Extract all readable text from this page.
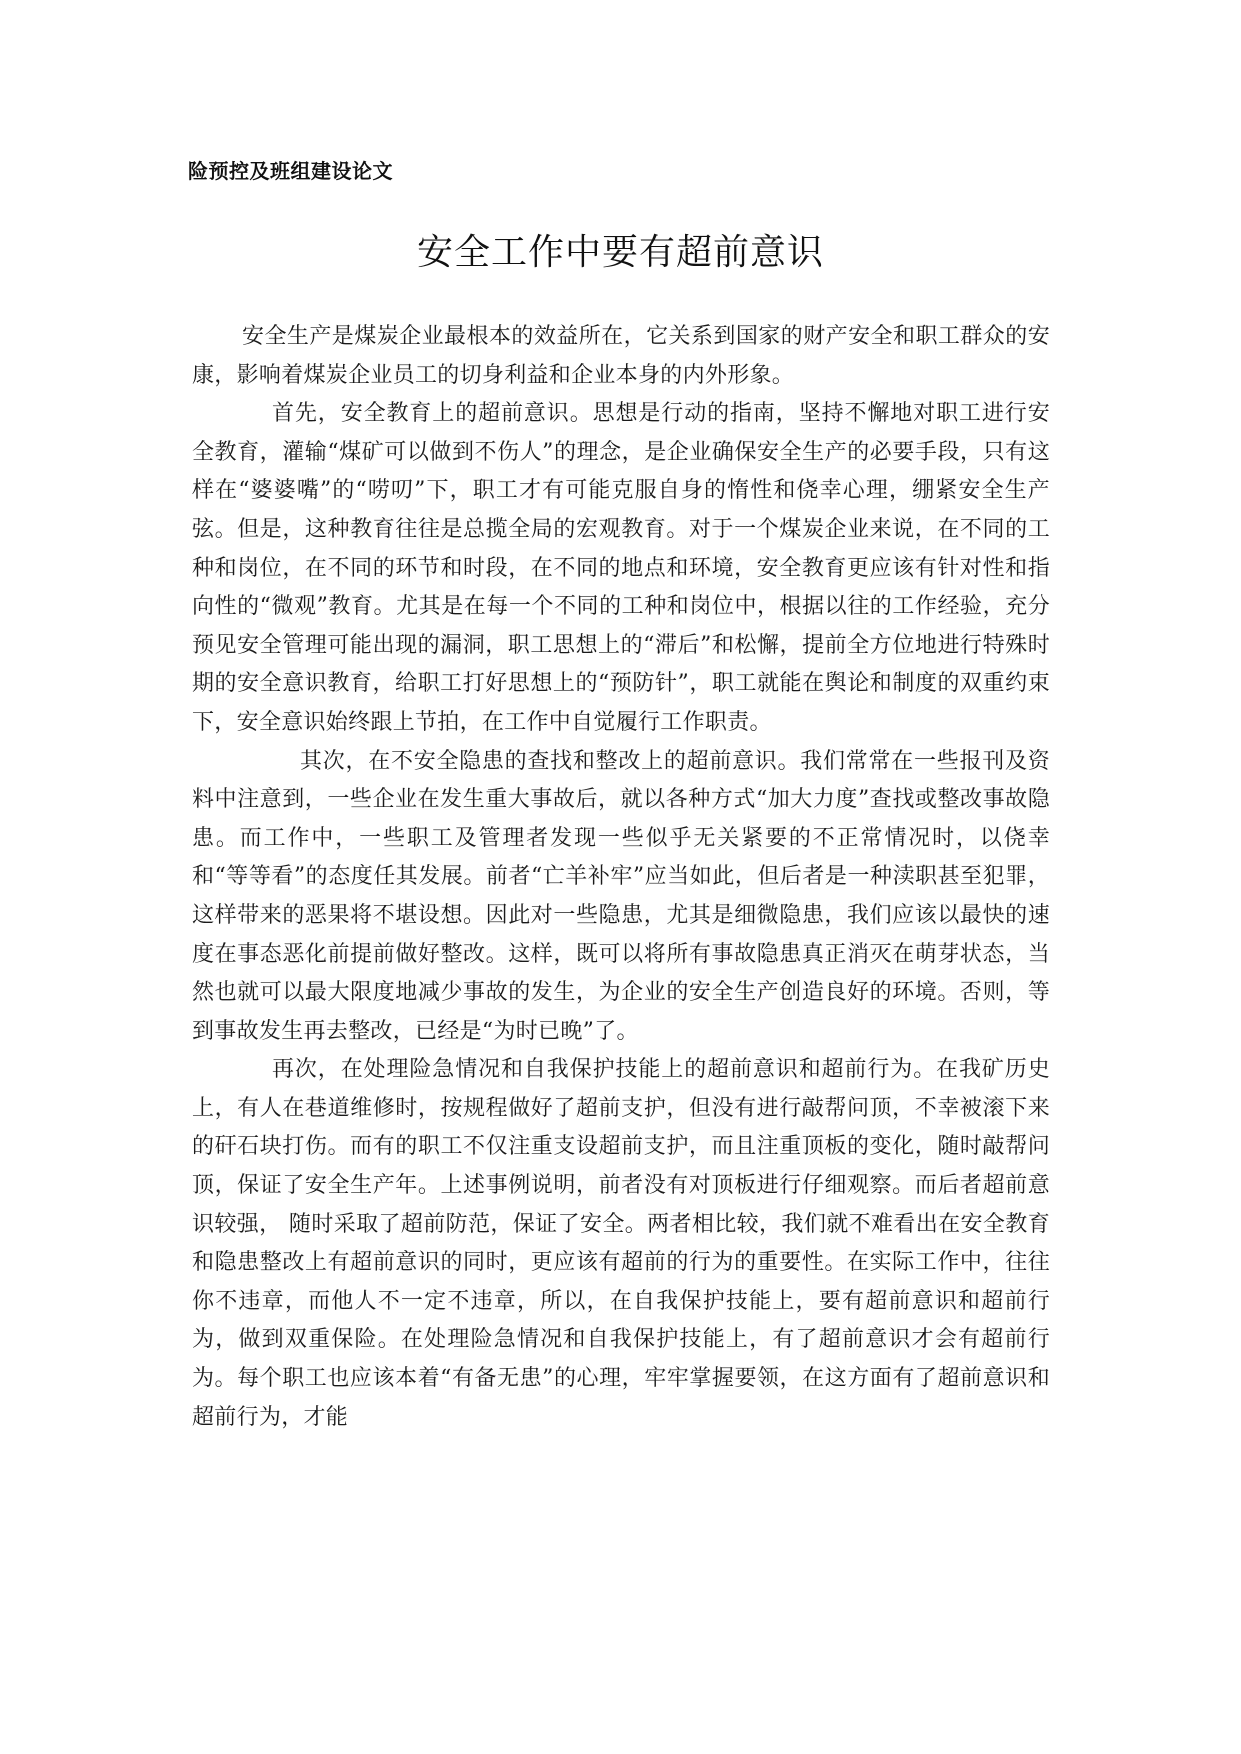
险预控及班组建设论文
安全工作中要有超前意识

安全生产是煤炭企业最根本的效益所在，它关系到国家的财产安全和职工群众的安康，影响着煤炭企业员工的切身利益和企业本身的内外形象。

首先，安全教育上的超前意识。思想是行动的指南，坚持不懈地对职工进行安全教育，灌输“煤矿可以做到不伤人”的理念，是企业确保安全生产的必要手段，只有这样在“婆婆嘴”的“唠叨”下，职工才有可能克服自身的惰性和侥幸心理，绷紧安全生产弦。但是，这种教育往往是总揽全局的宏观教育。对于一个煤炭企业来说，在不同的工种和岗位，在不同的环节和时段，在不同的地点和环境，安全教育更应该有针对性和指向性的“微观”教育。尤其是在每一个不同的工种和岗位中，根据以往的工作经验，充分预见安全管理可能出现的漏洞，职工思想上的“滞后”和松懈，提前全方位地进行特殊时期的安全意识教育，给职工打好思想上的“预防针”，职工就能在舆论和制度的双重约束下，安全意识始终跟上节拍，在工作中自觉履行工作职责。

其次，在不安全隐患的查找和整改上的超前意识。我们常常在一些报刊及资料中注意到，一些企业在发生重大事故后，就以各种方式“加大力度”查找或整改事故隐患。而工作中，一些职工及管理者发现一些似乎无关紧要的不正常情况时，以侥幸和“等等看”的态度任其发展。前者“亡羊补牢”应当如此，但后者是一种渎职甚至犯罪，这样带来的恶果将不堪设想。因此对一些隐患，尤其是细微隐患，我们应该以最快的速度在事态恶化前提前做好整改。这样，既可以将所有事故隐患真正消灭在萌芽状态，当然也就可以最大限度地减少事故的发生，为企业的安全生产创造良好的环境。否则，等到事故发生再去整改，已经是“为时已晚”了。

再次，在处理险急情况和自我保护技能上的超前意识和超前行为。在我矿历史上，有人在巷道维修时，按规程做好了超前支护，但没有进行敲帮问顶，不幸被滚下来的矸石块打伤。而有的职工不仅注重支设超前支护，而且注重顶板的变化，随时敲帮问顶，保证了安全生产年。上述事例说明，前者没有对顶板进行仔细观察。而后者超前意识较强， 随时采取了超前防范，保证了安全。两者相比较，我们就不难看出在安全教育和隐患整改上有超前意识的同时，更应该有超前的行为的重要性。在实际工作中，往往你不违章，而他人不一定不违章，所以，在自我保护技能上，要有超前意识和超前行为，做到双重保险。在处理险急情况和自我保护技能上，有了超前意识才会有超前行为。每个职工也应该本着“有备无患”的心理，牢牢掌握要领，在这方面有了超前意识和超前行为，才能
